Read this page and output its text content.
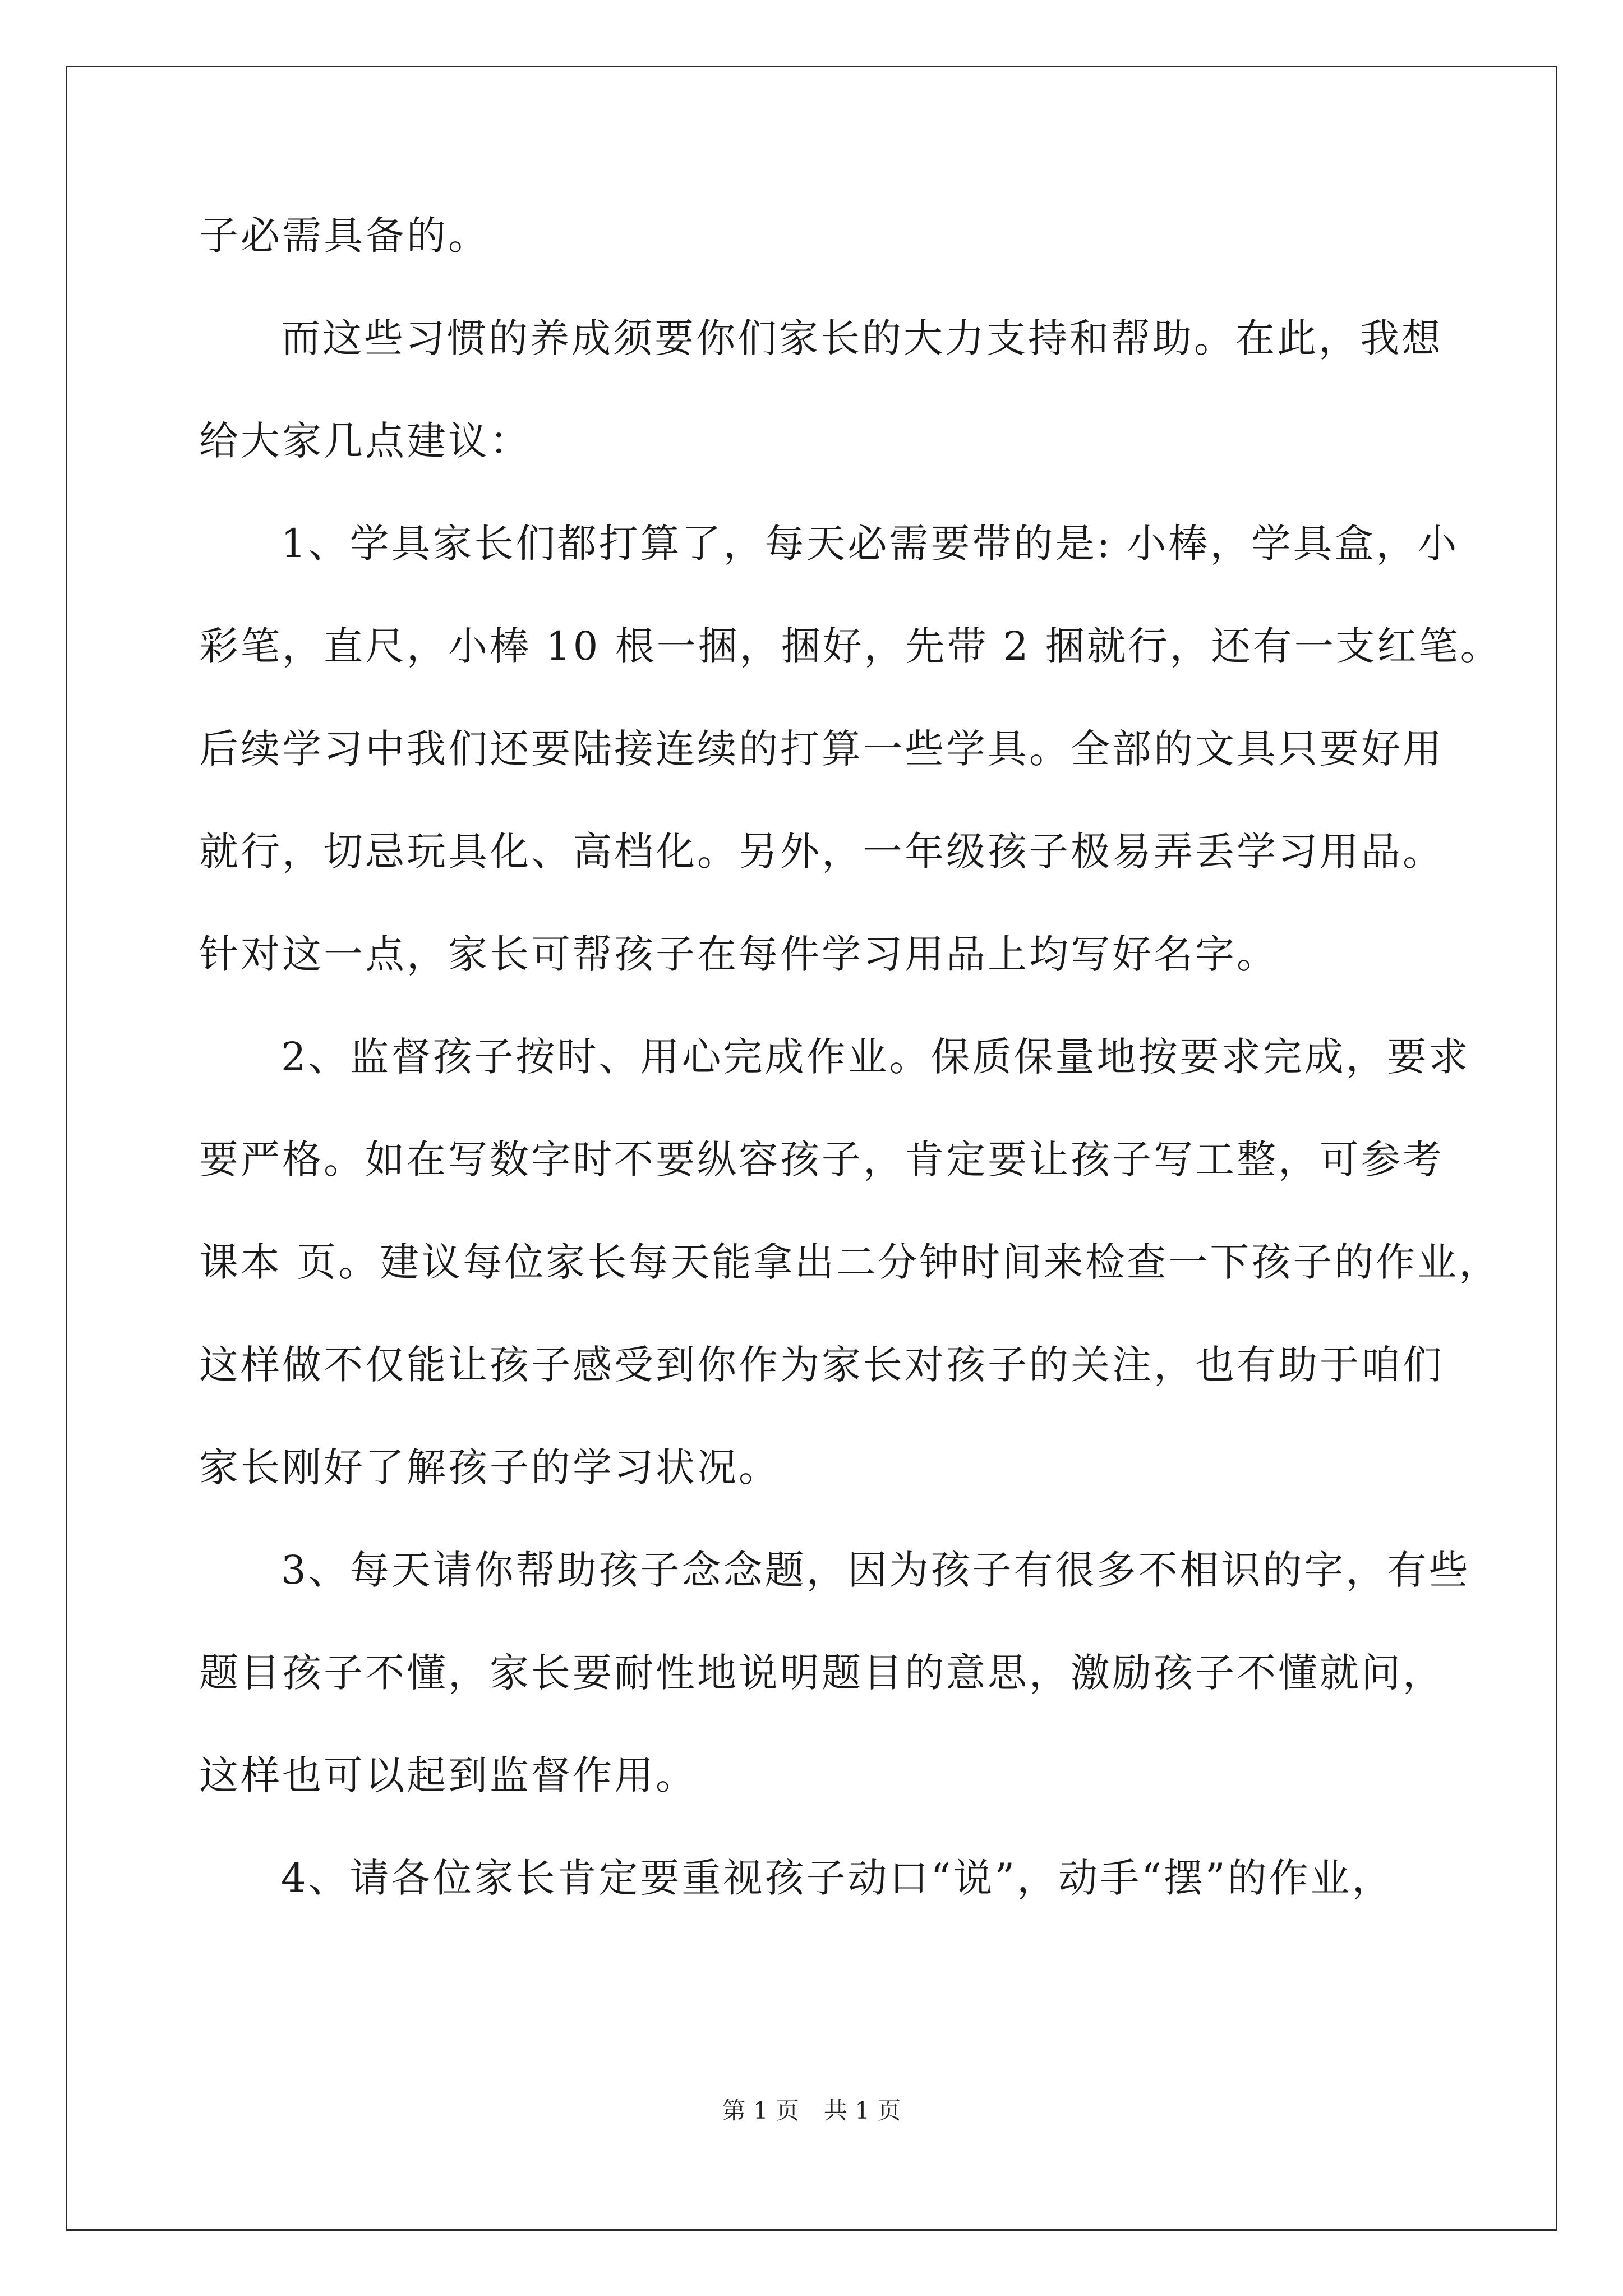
子必需具备的。
而这些习惯的养成须要你们家长的大力支持和帮助。在此，我想
给大家几点建议：
1、学具家长们都打算了，每天必需要带的是: 小棒，学具盒，小
彩笔，直尺，小棒 10 根一捆，捆好，先带 2 捆就行，还有一支红笔。
后续学习中我们还要陆接连续的打算一些学具。全部的文具只要好用
就行，切忌玩具化、高档化。另外，一年级孩子极易弄丢学习用品。
针对这一点，家长可帮孩子在每件学习用品上均写好名字。
2、监督孩子按时、用心完成作业。保质保量地按要求完成，要求
要严格。如在写数字时不要纵容孩子，肯定要让孩子写工整，可参考
课本 页。建议每位家长每天能拿出二分钟时间来检查一下孩子的作业，
这样做不仅能让孩子感受到你作为家长对孩子的关注，也有助于咱们
家长刚好了解孩子的学习状况。
3、每天请你帮助孩子念念题，因为孩子有很多不相识的字，有些
题目孩子不懂，家长要耐性地说明题目的意思，激励孩子不懂就问，
这样也可以起到监督作用。
4、请各位家长肯定要重视孩子动口“说”，动手“摆”的作业，
第 1 页 共 1 页
